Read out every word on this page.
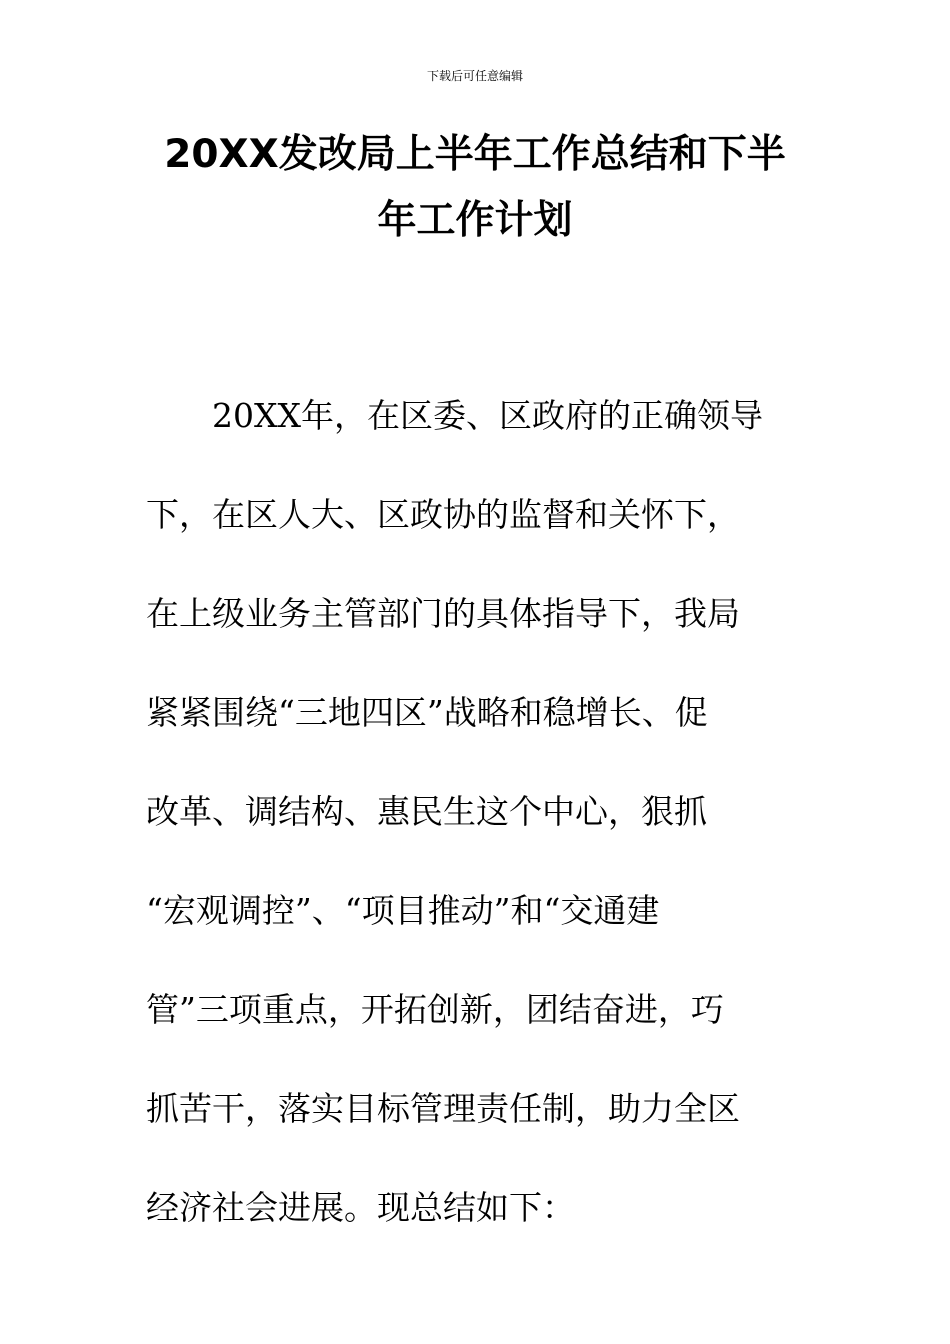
下载后可任意编辑
20XX发改局上半年工作总结和下半
年工作计划

　　20XX年，在区委、区政府的正确领导
下，在区人大、区政协的监督和关怀下，
在上级业务主管部门的具体指导下，我局
紧紧围绕“三地四区”战略和稳增长、促
改革、调结构、惠民生这个中心，狠抓
“宏观调控”、“项目推动”和“交通建
管”三项重点，开拓创新，团结奋进，巧
抓苦干，落实目标管理责任制，助力全区
经济社会进展。现总结如下：
